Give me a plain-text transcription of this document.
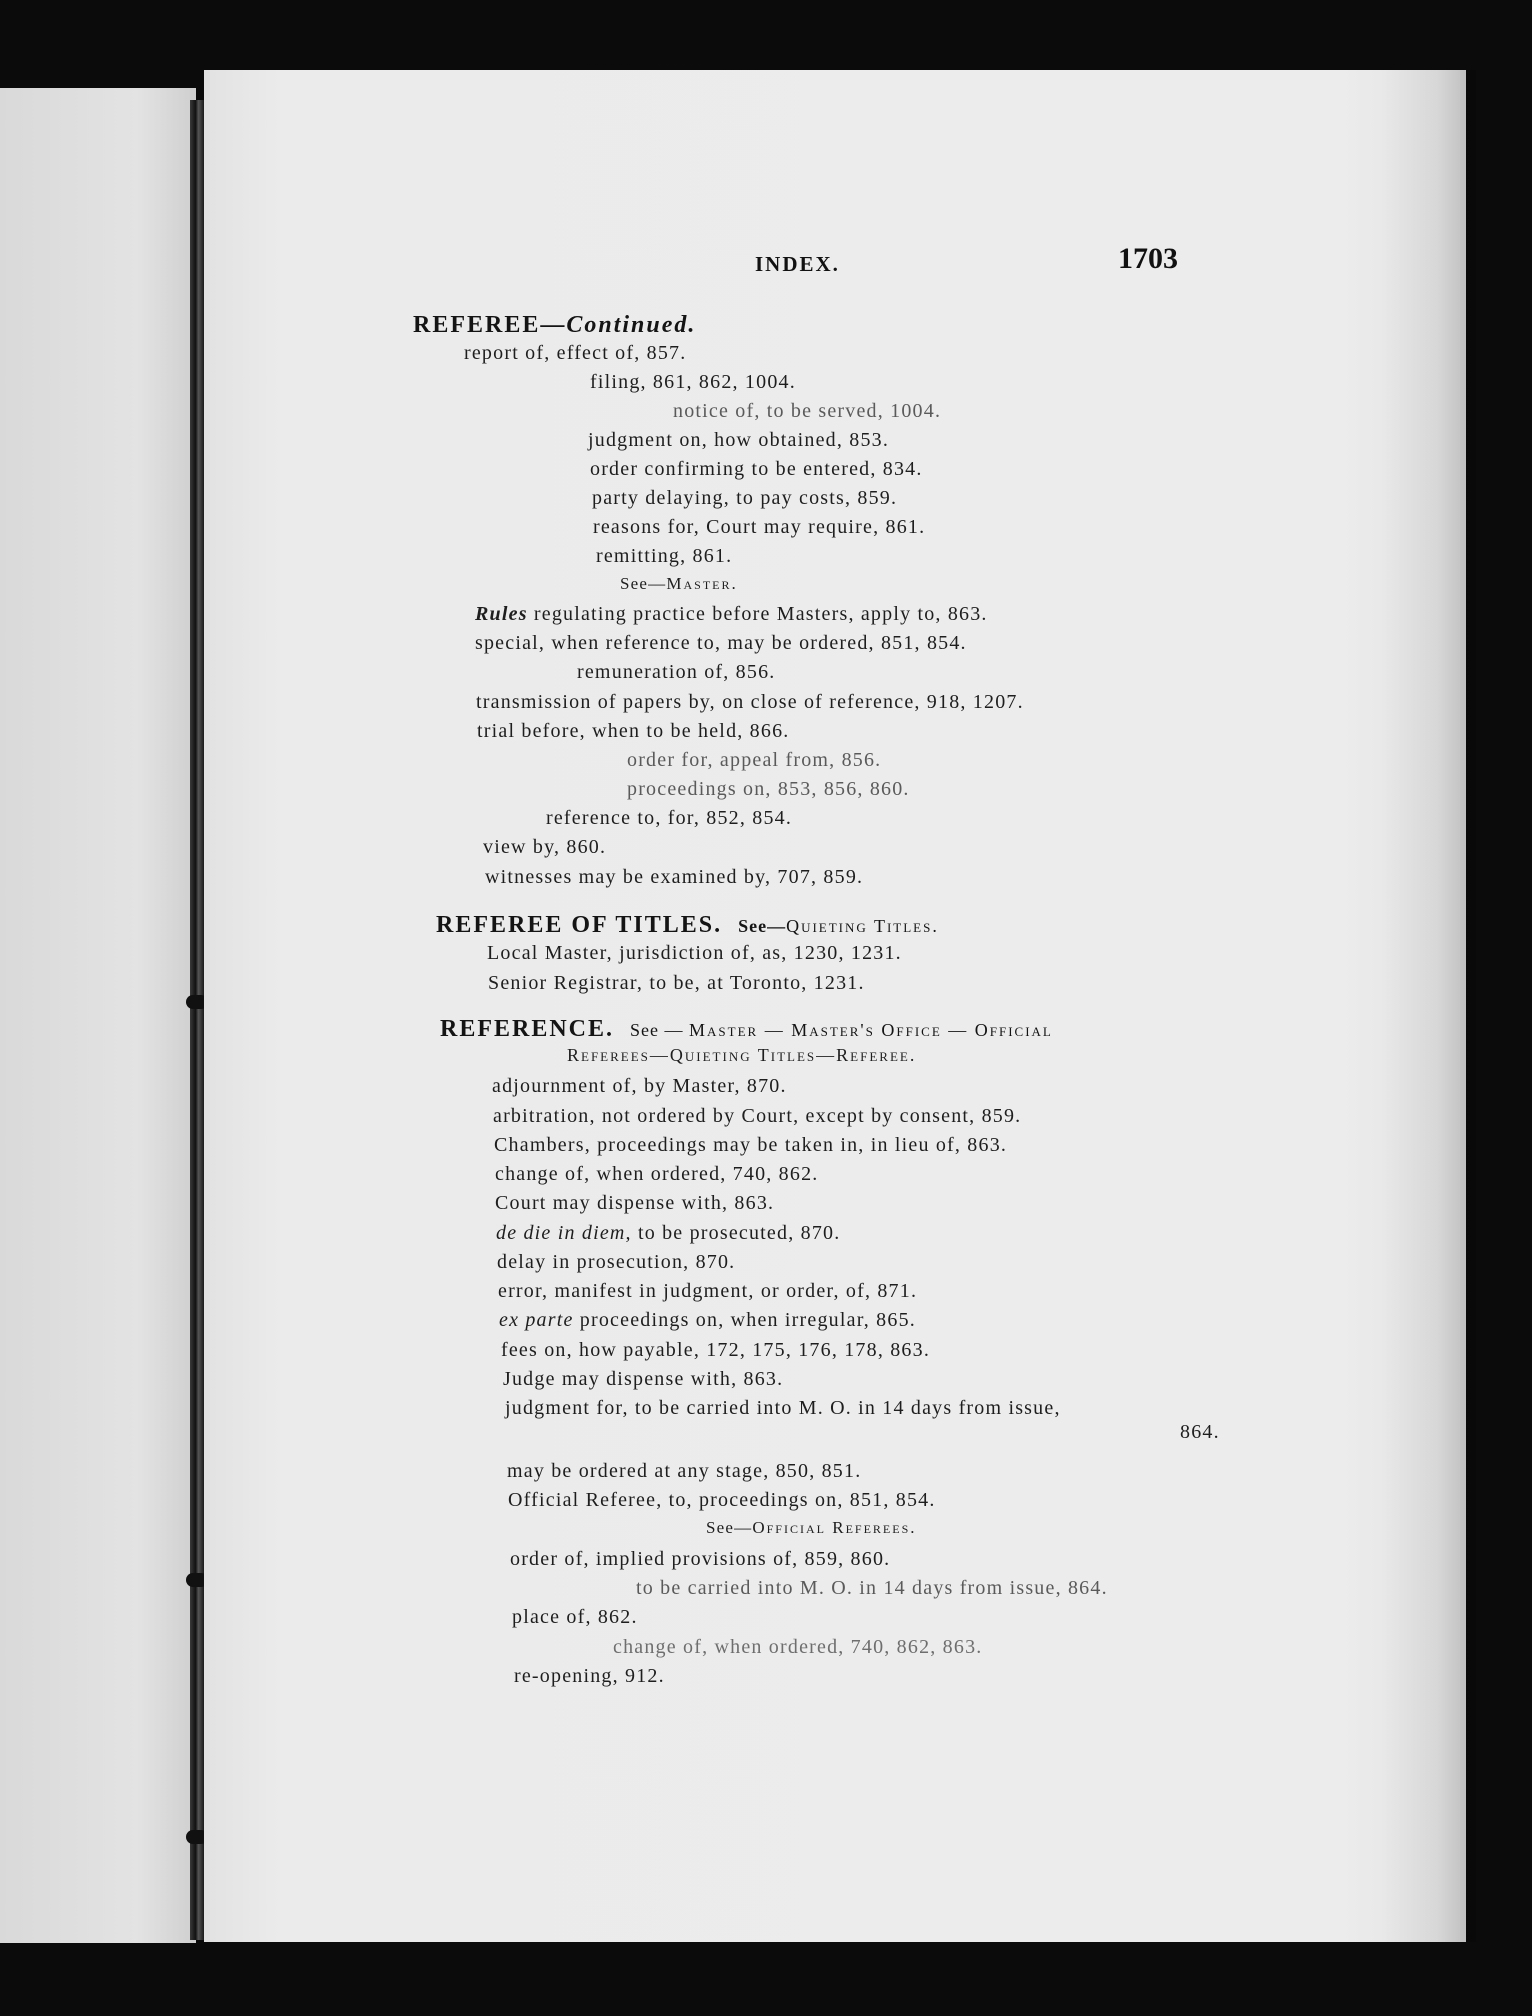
INDEX.	1703
REFEREE—Continued.
report of, effect of, 857.
filing, 861, 862, 1004.
notice of, to be served, 1004.
judgment on, how obtained, 853.
order confirming to be entered, 834.
party delaying, to pay costs, 859.
reasons for, Court may require, 861.
remitting, 861.
See—Master.
Rules regulating practice before Masters, apply to, 863.
special, when reference to, may be ordered, 851, 854.
remuneration of, 856.
transmission of papers by, on close of reference, 918, 1207.
trial before, when to be held, 866.
order for, appeal from, 856.
proceedings on, 853, 856, 860.
reference to, for, 852, 854.
view by, 860.
witnesses may be examined by, 707, 859.
REFEREE OF TITLES. See—Quieting Titles.
Local Master, jurisdiction of, as, 1230, 1231.
Senior Registrar, to be, at Toronto, 1231.
REFERENCE. See — Master — Master's Office — Official
Referees—Quieting Titles—Referee.
adjournment of, by Master, 870.
arbitration, not ordered by Court, except by consent, 859.
Chambers, proceedings may be taken in, in lieu of, 863.
change of, when ordered, 740, 862.
Court may dispense with, 863.
de die in diem, to be prosecuted, 870.
delay in prosecution, 870.
error, manifest in judgment, or order, of, 871.
ex parte proceedings on, when irregular, 865.
fees on, how payable, 172, 175, 176, 178, 863.
Judge may dispense with, 863.
judgment for, to be carried into M. O. in 14 days from issue,
864.
may be ordered at any stage, 850, 851.
Official Referee, to, proceedings on, 851, 854.
See—Official Referees.
order of, implied provisions of, 859, 860.
to be carried into M. O. in 14 days from issue, 864.
place of, 862.
change of, when ordered, 740, 862, 863.
re-opening, 912.
